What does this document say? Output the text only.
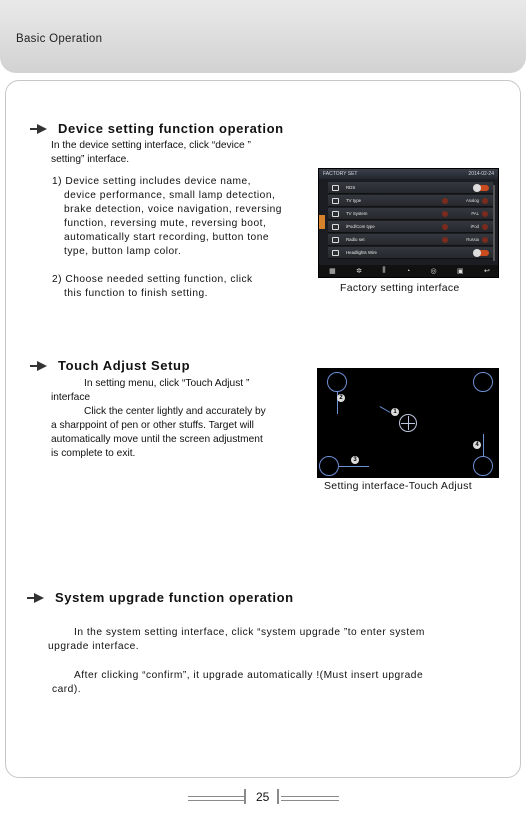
Basic Operation
Device setting function operation
In the device setting interface, click “device ”
setting” interface.
1) Device setting includes device name,
device performance, small lamp detection,
brake detection, voice navigation, reversing
function, reversing mute, reversing boot,
automatically start recording, button tone
type, button lamp color.
2) Choose needed setting function, click
this function to finish setting.
FACTORY SET	2014-02-24
RDS
TV type	Analog
TV System	PAL
iPod/Com type	iPod
Radio set	Russia
Headlights Wire
▦	✲	⫼	◔	◎	▣	↩
Factory setting interface
Touch Adjust Setup
In setting menu, click “Touch Adjust ”
interface
Click the center lightly and accurately by
a sharppoint of pen or other stuffs. Target will
automatically move until the screen adjustment
is complete to exit.
2
1
3
4
Setting interface-Touch Adjust
System upgrade function operation
In the system setting interface, click “system upgrade ”to enter system
upgrade interface.
After clicking “confirm”, it upgrade automatically !(Must insert upgrade
card).
25
